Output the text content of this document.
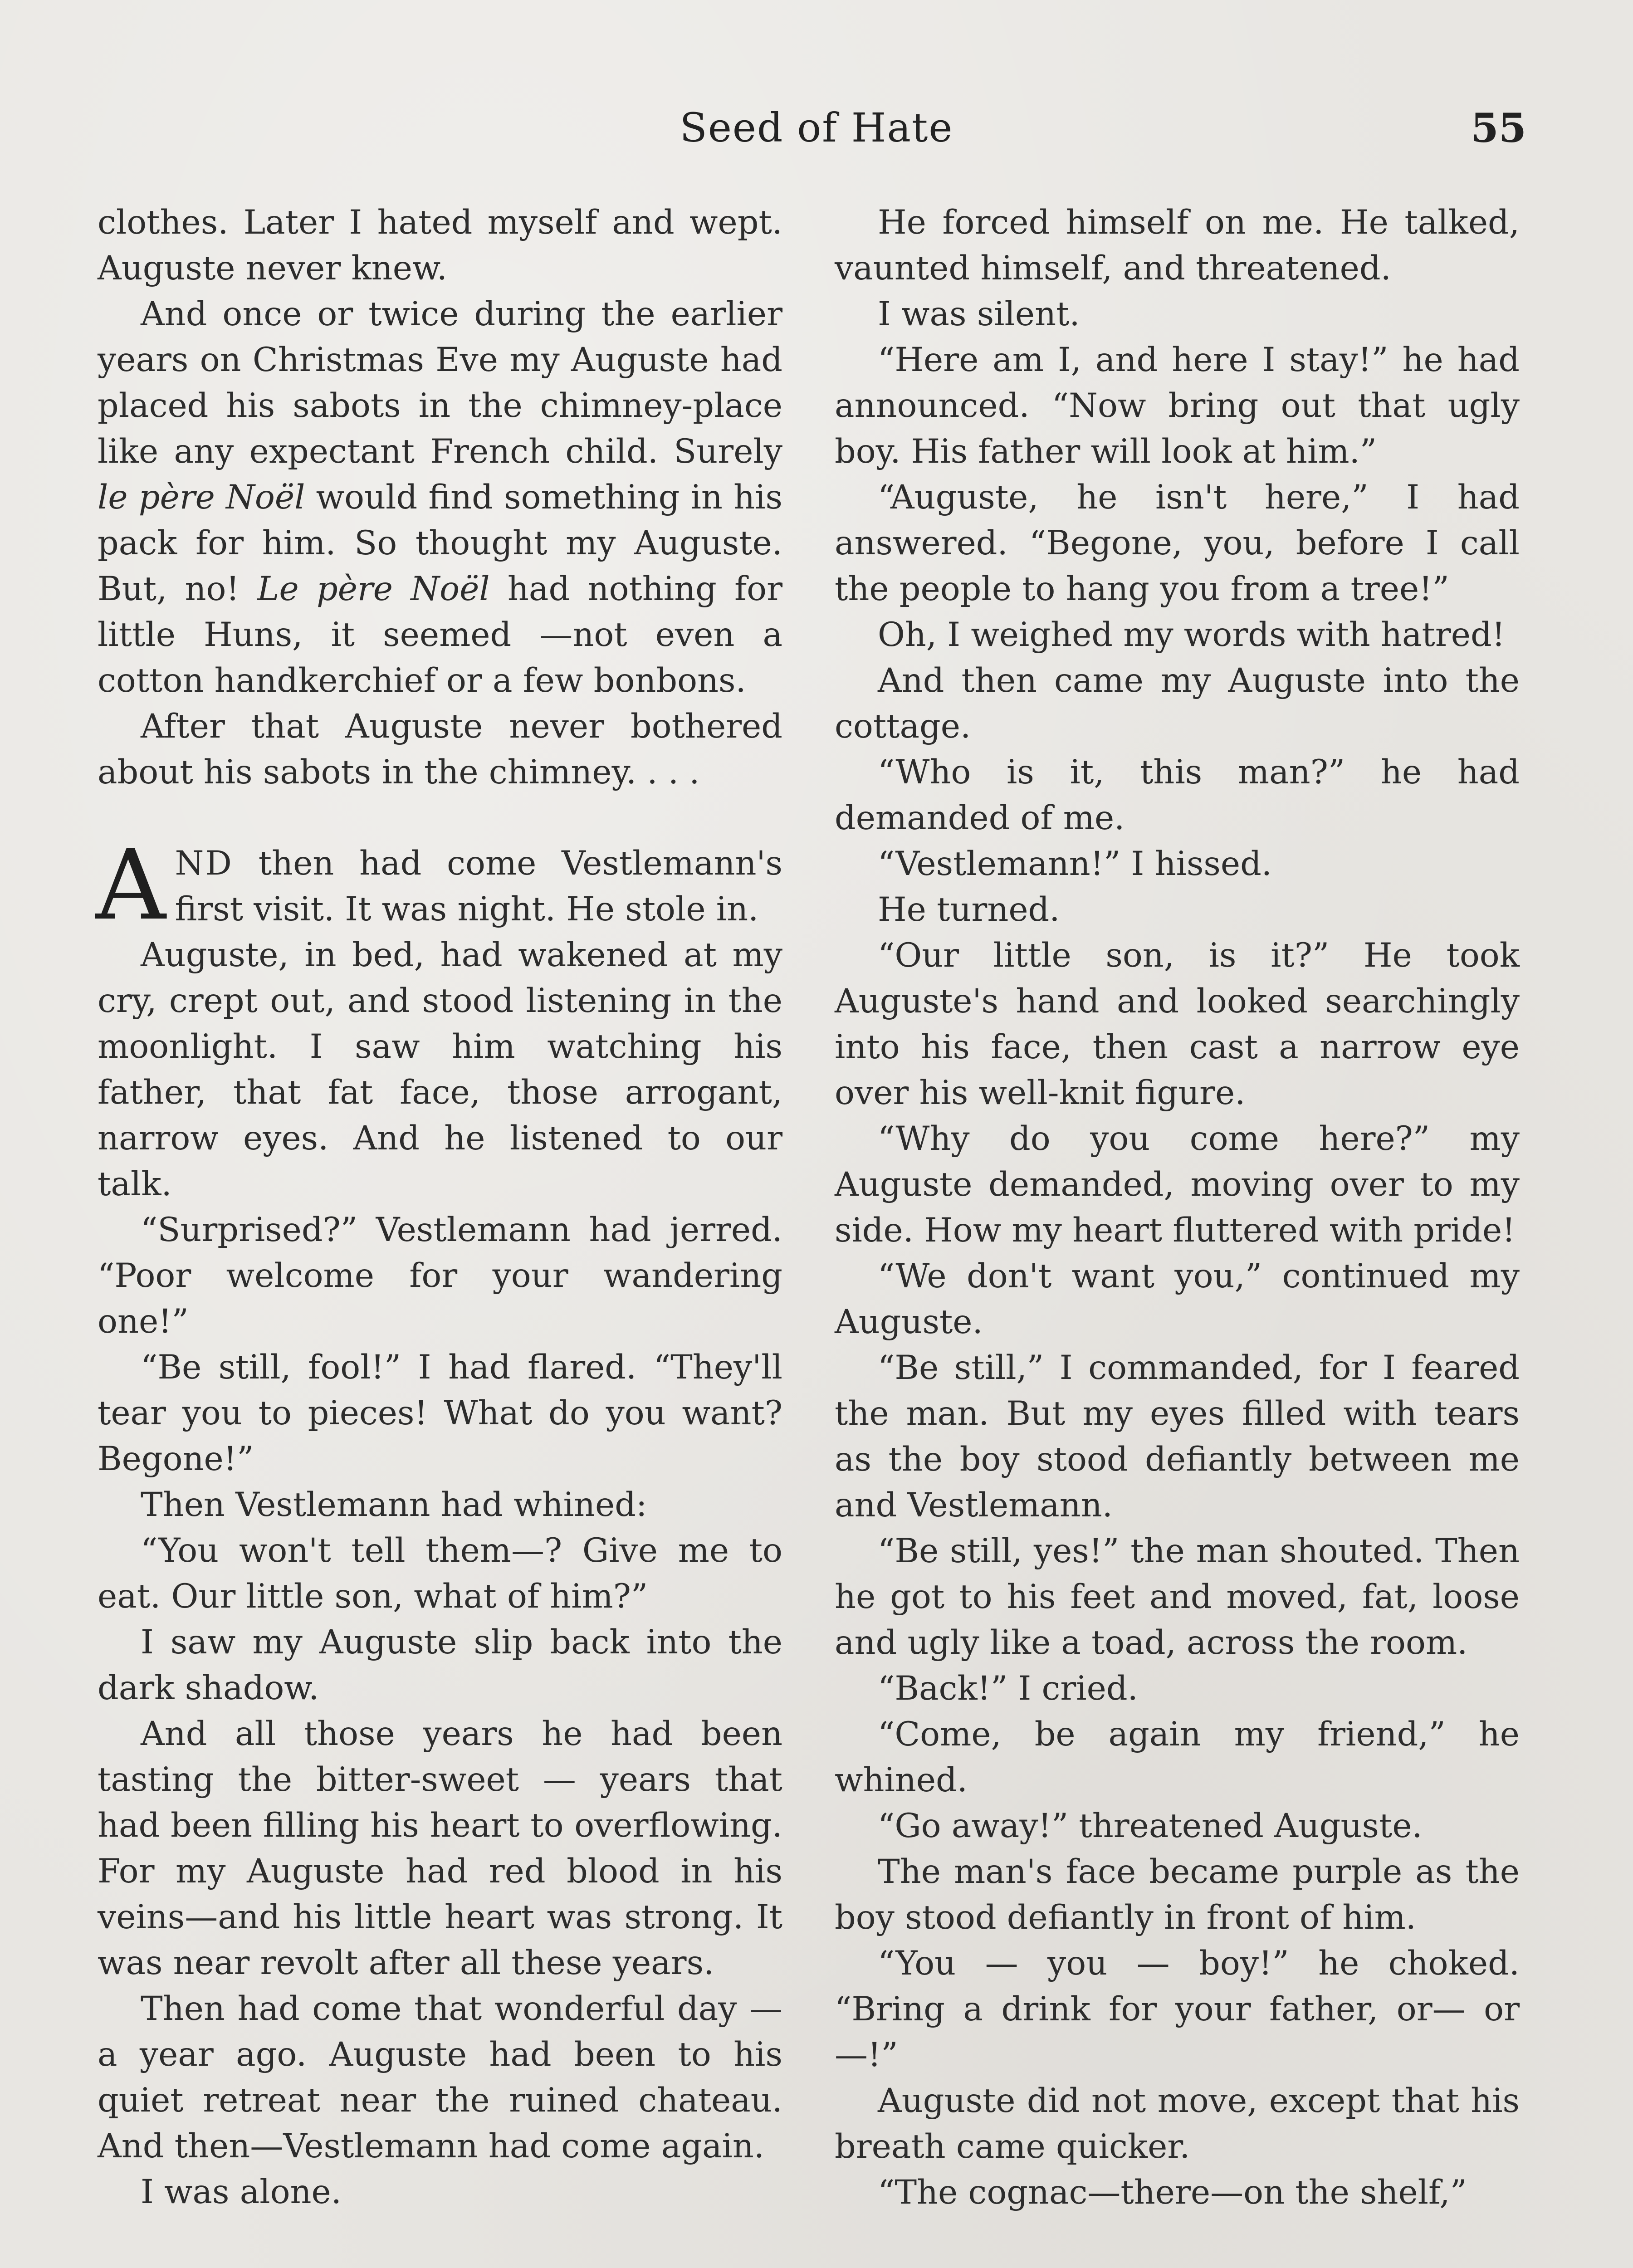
Seed of Hate	55

clothes. Later I hated myself and wept. Auguste never knew.

And once or twice during the earlier years on Christmas Eve my Auguste had placed his sabots in the chimney-place like any expectant French child. Surely le père Noël would find something in his pack for him. So thought my Auguste. But, no! Le père Noël had nothing for little Huns, it seemed —not even a cotton handkerchief or a few bonbons.

After that Auguste never bothered about his sabots in the chimney. . . .

AND then had come Vestlemann's first visit. It was night. He stole in.

Auguste, in bed, had wakened at my cry, crept out, and stood listening in the moonlight. I saw him watching his father, that fat face, those arrogant, narrow eyes. And he listened to our talk.

“Surprised?” Vestlemann had jerred. “Poor welcome for your wandering one!”

“Be still, fool!” I had flared. “They'll tear you to pieces! What do you want? Begone!”

Then Vestlemann had whined:

“You won't tell them—? Give me to eat. Our little son, what of him?”

I saw my Auguste slip back into the dark shadow.

And all those years he had been tasting the bitter-sweet — years that had been filling his heart to overflowing. For my Auguste had red blood in his veins—and his little heart was strong. It was near revolt after all these years.

Then had come that wonderful day —a year ago. Auguste had been to his quiet retreat near the ruined chateau. And then—Vestlemann had come again.

I was alone.

He forced himself on me. He talked, vaunted himself, and threatened.

I was silent.

“Here am I, and here I stay!” he had announced. “Now bring out that ugly boy. His father will look at him.”

“Auguste, he isn't here,” I had answered. “Begone, you, before I call the people to hang you from a tree!”

Oh, I weighed my words with hatred!

And then came my Auguste into the cottage.

“Who is it, this man?” he had demanded of me.

“Vestlemann!” I hissed.

He turned.

“Our little son, is it?” He took Auguste's hand and looked searchingly into his face, then cast a narrow eye over his well-knit figure.

“Why do you come here?” my Auguste demanded, moving over to my side. How my heart fluttered with pride!

“We don't want you,” continued my Auguste.

“Be still,” I commanded, for I feared the man. But my eyes filled with tears as the boy stood defiantly between me and Vestlemann.

“Be still, yes!” the man shouted. Then he got to his feet and moved, fat, loose and ugly like a toad, across the room.

“Back!” I cried.

“Come, be again my friend,” he whined.

“Go away!” threatened Auguste.

The man's face became purple as the boy stood defiantly in front of him.

“You — you — boy!” he choked. “Bring a drink for your father, or— or—!”

Auguste did not move, except that his breath came quicker.

“The cognac—there—on the shelf,”
